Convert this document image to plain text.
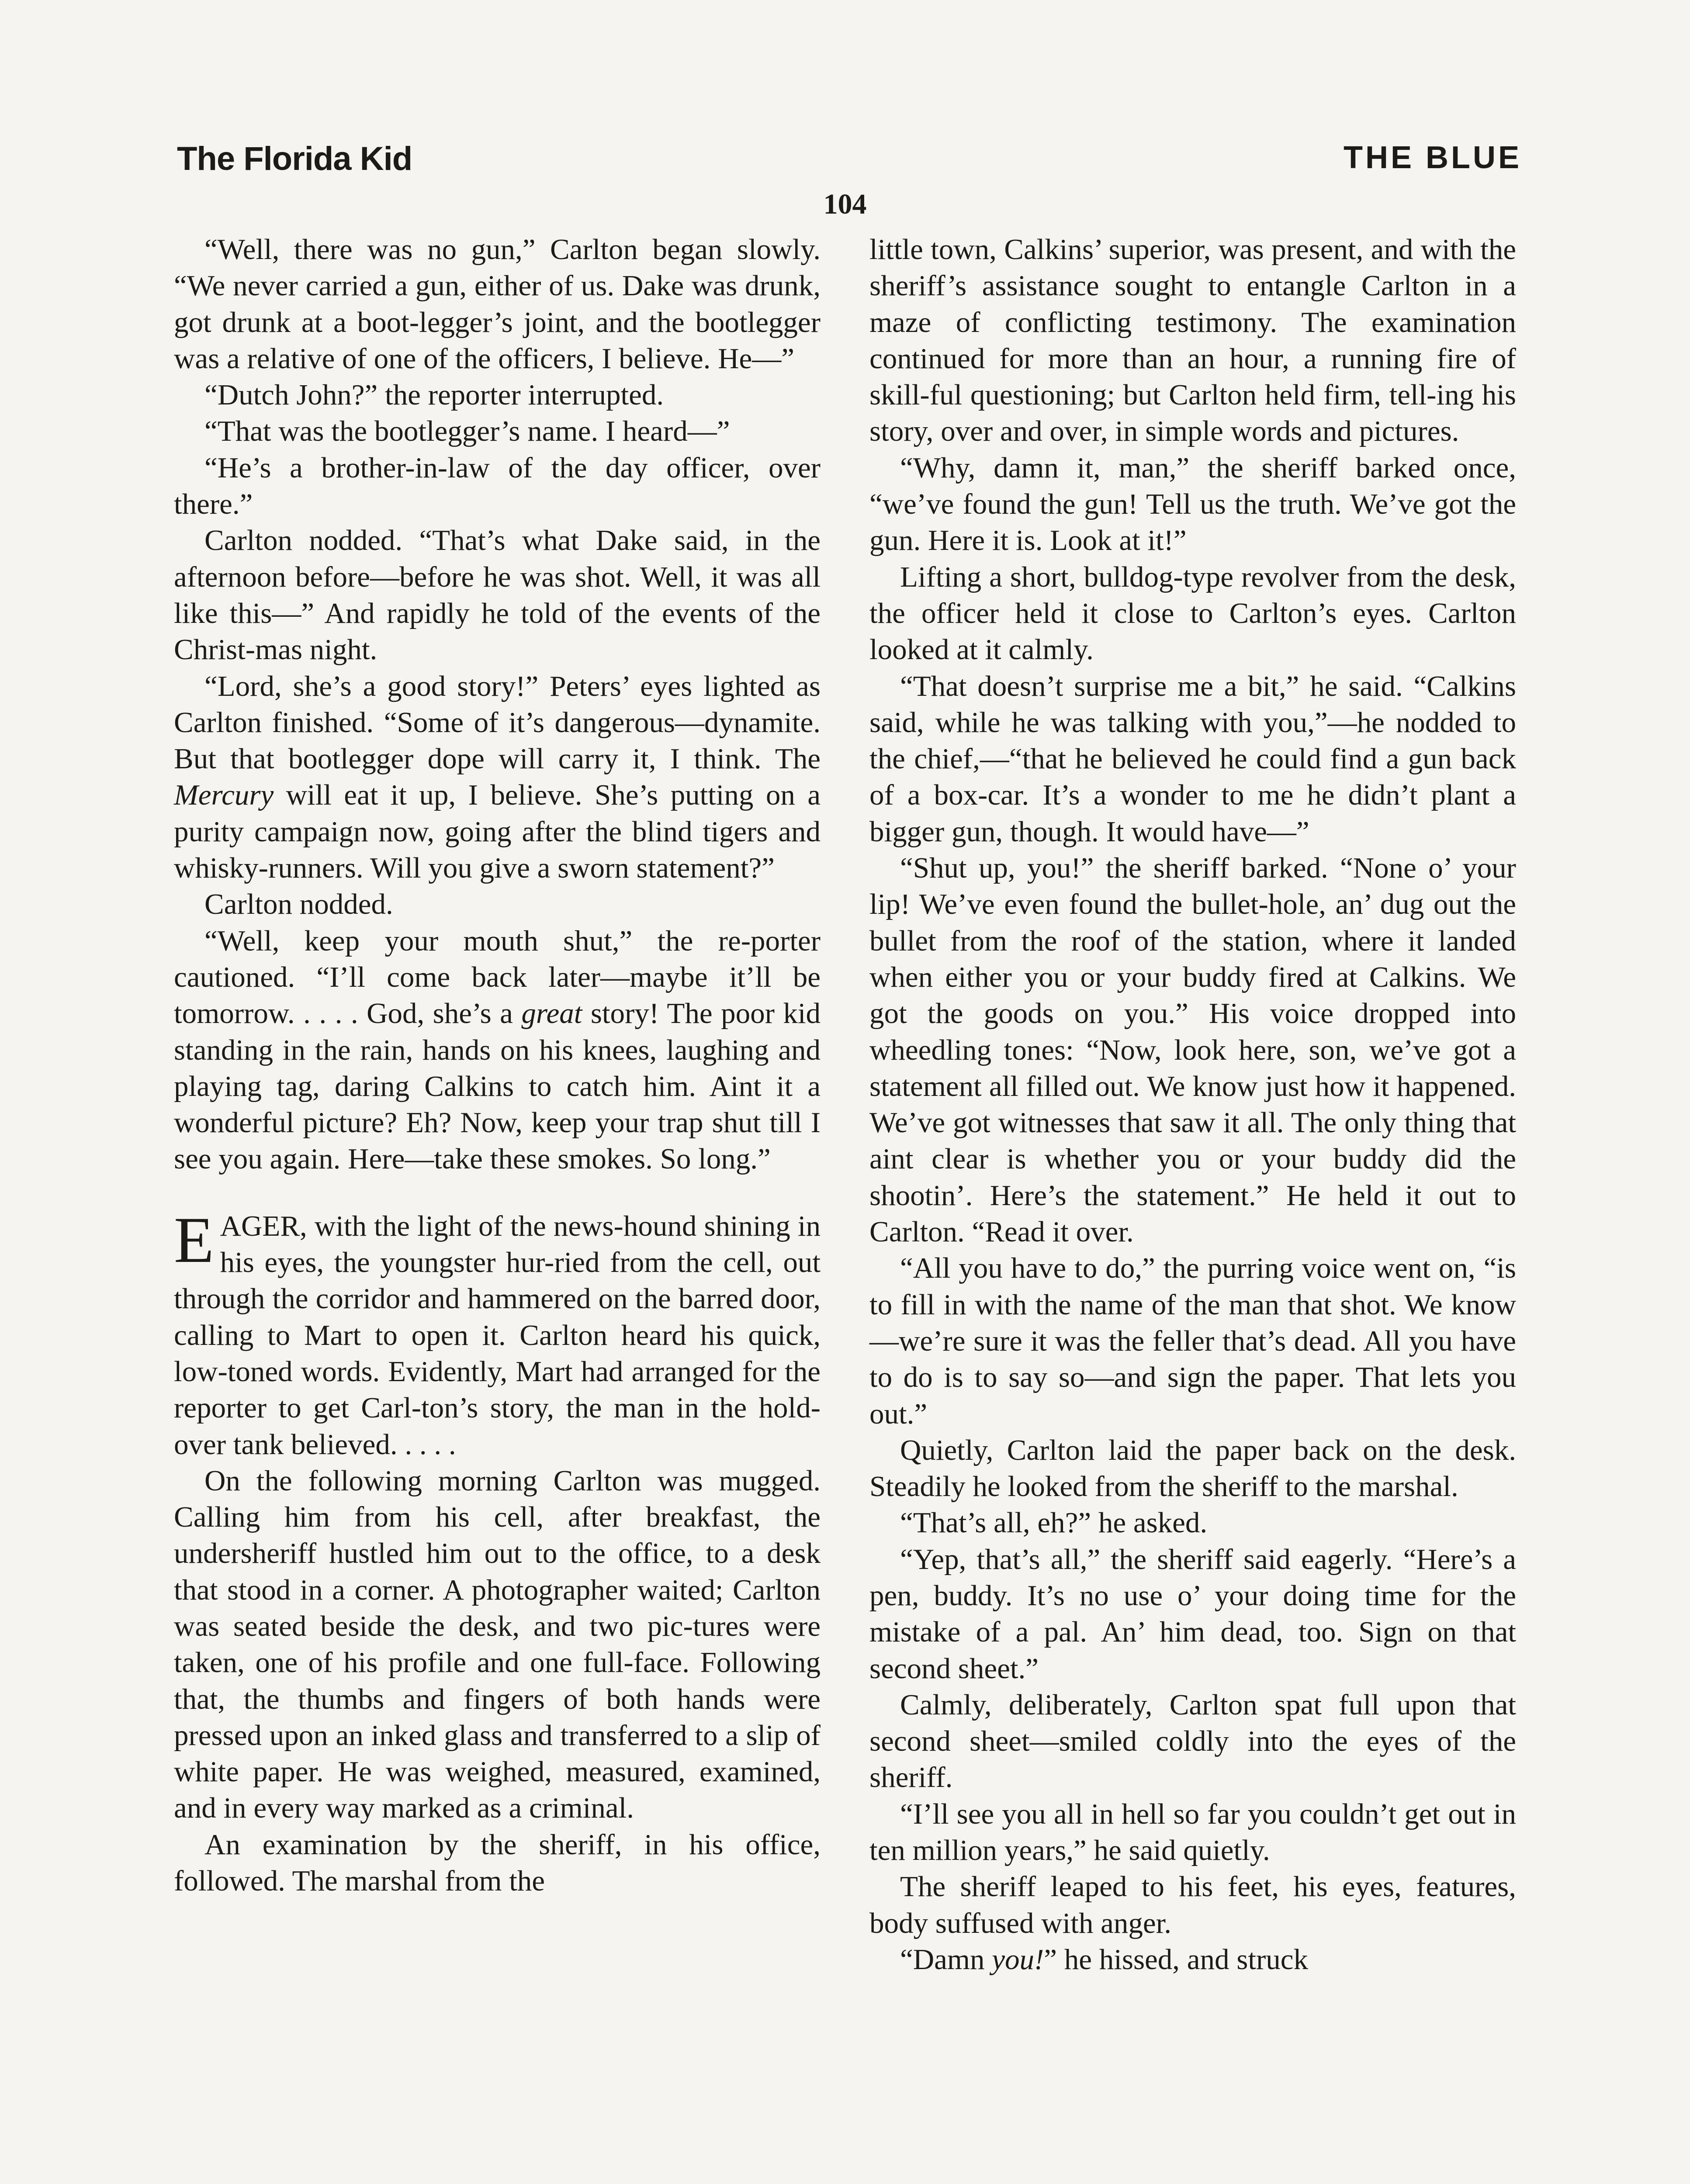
The Florida Kid	THE BLUE
104

“Well, there was no gun,” Carlton began slowly. “We never carried a gun, either of us. Dake was drunk, got drunk at a boot-legger’s joint, and the bootlegger was a relative of one of the officers, I believe. He—”

“Dutch John?” the reporter interrupted.

“That was the bootlegger’s name. I heard—”

“He’s a brother-in-law of the day officer, over there.”

Carlton nodded. “That’s what Dake said, in the afternoon before—before he was shot. Well, it was all like this—” And rapidly he told of the events of the Christ-mas night.

“Lord, she’s a good story!” Peters’ eyes lighted as Carlton finished. “Some of it’s dangerous—dynamite. But that bootlegger dope will carry it, I think. The Mercury will eat it up, I believe. She’s putting on a purity campaign now, going after the blind tigers and whisky-runners. Will you give a sworn statement?”

Carlton nodded.

“Well, keep your mouth shut,” the re-porter cautioned. “I’ll come back later—maybe it’ll be tomorrow. . . . . God, she’s a great story! The poor kid standing in the rain, hands on his knees, laughing and playing tag, daring Calkins to catch him. Aint it a wonderful picture? Eh? Now, keep your trap shut till I see you again. Here—take these smokes. So long.”

EAGER, with the light of the news-hound shining in his eyes, the youngster hur-ried from the cell, out through the corridor and hammered on the barred door, calling to Mart to open it. Carlton heard his quick, low-toned words. Evidently, Mart had arranged for the reporter to get Carl-ton’s story, the man in the hold-over tank believed. . . . .

On the following morning Carlton was mugged. Calling him from his cell, after breakfast, the undersheriff hustled him out to the office, to a desk that stood in a corner. A photographer waited; Carlton was seated beside the desk, and two pic-tures were taken, one of his profile and one full-face. Following that, the thumbs and fingers of both hands were pressed upon an inked glass and transferred to a slip of white paper. He was weighed, measured, examined, and in every way marked as a criminal.

An examination by the sheriff, in his office, followed. The marshal from the

little town, Calkins’ superior, was present, and with the sheriff’s assistance sought to entangle Carlton in a maze of conflicting testimony. The examination continued for more than an hour, a running fire of skill-ful questioning; but Carlton held firm, tell-ing his story, over and over, in simple words and pictures.

“Why, damn it, man,” the sheriff barked once, “we’ve found the gun! Tell us the truth. We’ve got the gun. Here it is. Look at it!”

Lifting a short, bulldog-type revolver from the desk, the officer held it close to Carlton’s eyes. Carlton looked at it calmly.

“That doesn’t surprise me a bit,” he said. “Calkins said, while he was talking with you,”—he nodded to the chief,—“that he believed he could find a gun back of a box-car. It’s a wonder to me he didn’t plant a bigger gun, though. It would have—”

“Shut up, you!” the sheriff barked. “None o’ your lip! We’ve even found the bullet-hole, an’ dug out the bullet from the roof of the station, where it landed when either you or your buddy fired at Calkins. We got the goods on you.” His voice dropped into wheedling tones: “Now, look here, son, we’ve got a statement all filled out. We know just how it happened. We’ve got witnesses that saw it all. The only thing that aint clear is whether you or your buddy did the shootin’. Here’s the statement.” He held it out to Carlton. “Read it over.

“All you have to do,” the purring voice went on, “is to fill in with the name of the man that shot. We know—we’re sure it was the feller that’s dead. All you have to do is to say so—and sign the paper. That lets you out.”

Quietly, Carlton laid the paper back on the desk. Steadily he looked from the sheriff to the marshal.

“That’s all, eh?” he asked.

“Yep, that’s all,” the sheriff said eagerly. “Here’s a pen, buddy. It’s no use o’ your doing time for the mistake of a pal. An’ him dead, too. Sign on that second sheet.”

Calmly, deliberately, Carlton spat full upon that second sheet—smiled coldly into the eyes of the sheriff.

“I’ll see you all in hell so far you couldn’t get out in ten million years,” he said quietly.

The sheriff leaped to his feet, his eyes, features, body suffused with anger.

“Damn you!” he hissed, and struck
